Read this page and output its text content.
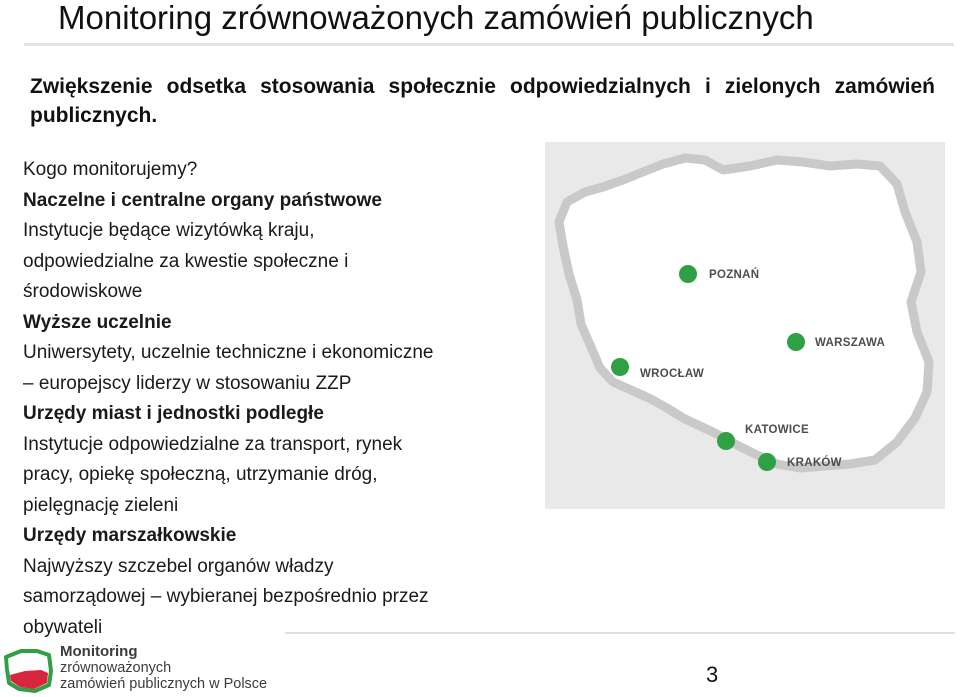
Monitoring zrównoważonych zamówień publicznych
Zwiększenie odsetka stosowania społecznie odpowiedzialnych i zielonych zamówień publicznych.
Kogo monitorujemy?
Naczelne i centralne organy państwowe
Instytucje będące wizytówką kraju,
odpowiedzialne za kwestie społeczne i
środowiskowe
Wyższe uczelnie
Uniwersytety, uczelnie techniczne i ekonomiczne
– europejscy liderzy w stosowaniu ZZP
Urzędy miast i jednostki podległe
Instytucje odpowiedzialne za transport, rynek
pracy, opiekę społeczną, utrzymanie dróg,
pielęgnację zieleni
Urzędy marszałkowskie
Najwyższy szczebel organów władzy
samorządowej – wybieranej bezpośrednio przez
obywateli
POZNAŃ
WARSZAWA
WROCŁAW
KATOWICE
KRAKÓW
Monitoring
zrównoważonych
zamówień publicznych w Polsce	3
